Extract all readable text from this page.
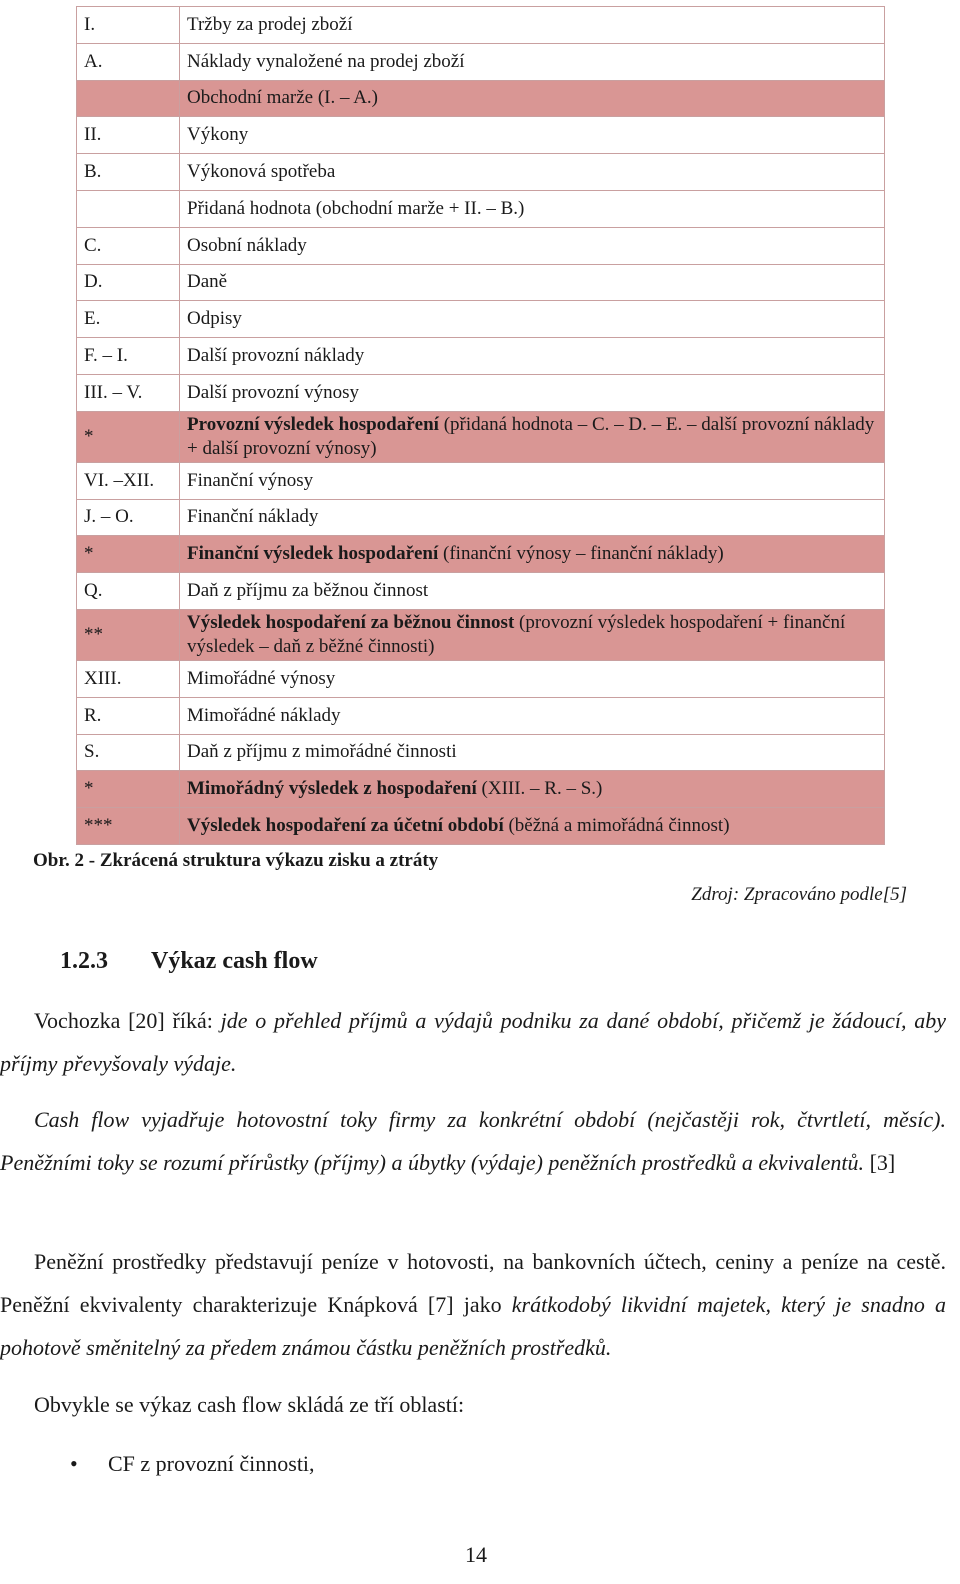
I.	Tržby za prodej zboží
A.	Náklady vynaložené na prodej zboží
	Obchodní marže (I. – A.)
II.	Výkony
B.	Výkonová spotřeba
	Přidaná hodnota (obchodní marže + II. – B.)
C.	Osobní náklady
D.	Daně
E.	Odpisy
F. – I.	Další provozní náklady
III. – V.	Další provozní výnosy
*	Provozní výsledek hospodaření (přidaná hodnota – C. – D. – E. – další provozní náklady + další provozní výnosy)
VI. –XII.	Finanční výnosy
J. – O.	Finanční náklady
*	Finanční výsledek hospodaření (finanční výnosy – finanční náklady)
Q.	Daň z příjmu za běžnou činnost
**	Výsledek hospodaření za běžnou činnost (provozní výsledek hospodaření + finanční výsledek – daň z běžné činnosti)
XIII.	Mimořádné výnosy
R.	Mimořádné náklady
S.	Daň z příjmu z mimořádné činnosti
*	Mimořádný výsledek z hospodaření (XIII. – R. – S.)
***	Výsledek hospodaření za účetní období (běžná a mimořádná činnost)
Obr. 2 - Zkrácená struktura výkazu zisku a ztráty
Zdroj: Zpracováno podle[5]
1.2.3 Výkaz cash flow

Vochozka [20] říká: jde o přehled příjmů a výdajů podniku za dané období, přičemž je žádoucí, aby příjmy převyšovaly výdaje.

Cash flow vyjadřuje hotovostní toky firmy za konkrétní období (nejčastěji rok, čtvrtletí, měsíc). Peněžními toky se rozumí přírůstky (příjmy) a úbytky (výdaje) peněžních prostředků a ekvivalentů. [3]

Peněžní prostředky představují peníze v hotovosti, na bankovních účtech, ceniny a peníze na cestě. Peněžní ekvivalenty charakterizuje Knápková [7] jako krátkodobý likvidní majetek, který je snadno a pohotově směnitelný za předem známou částku peněžních prostředků.

Obvykle se výkaz cash flow skládá ze tří oblastí:

• CF z provozní činnosti,
14
